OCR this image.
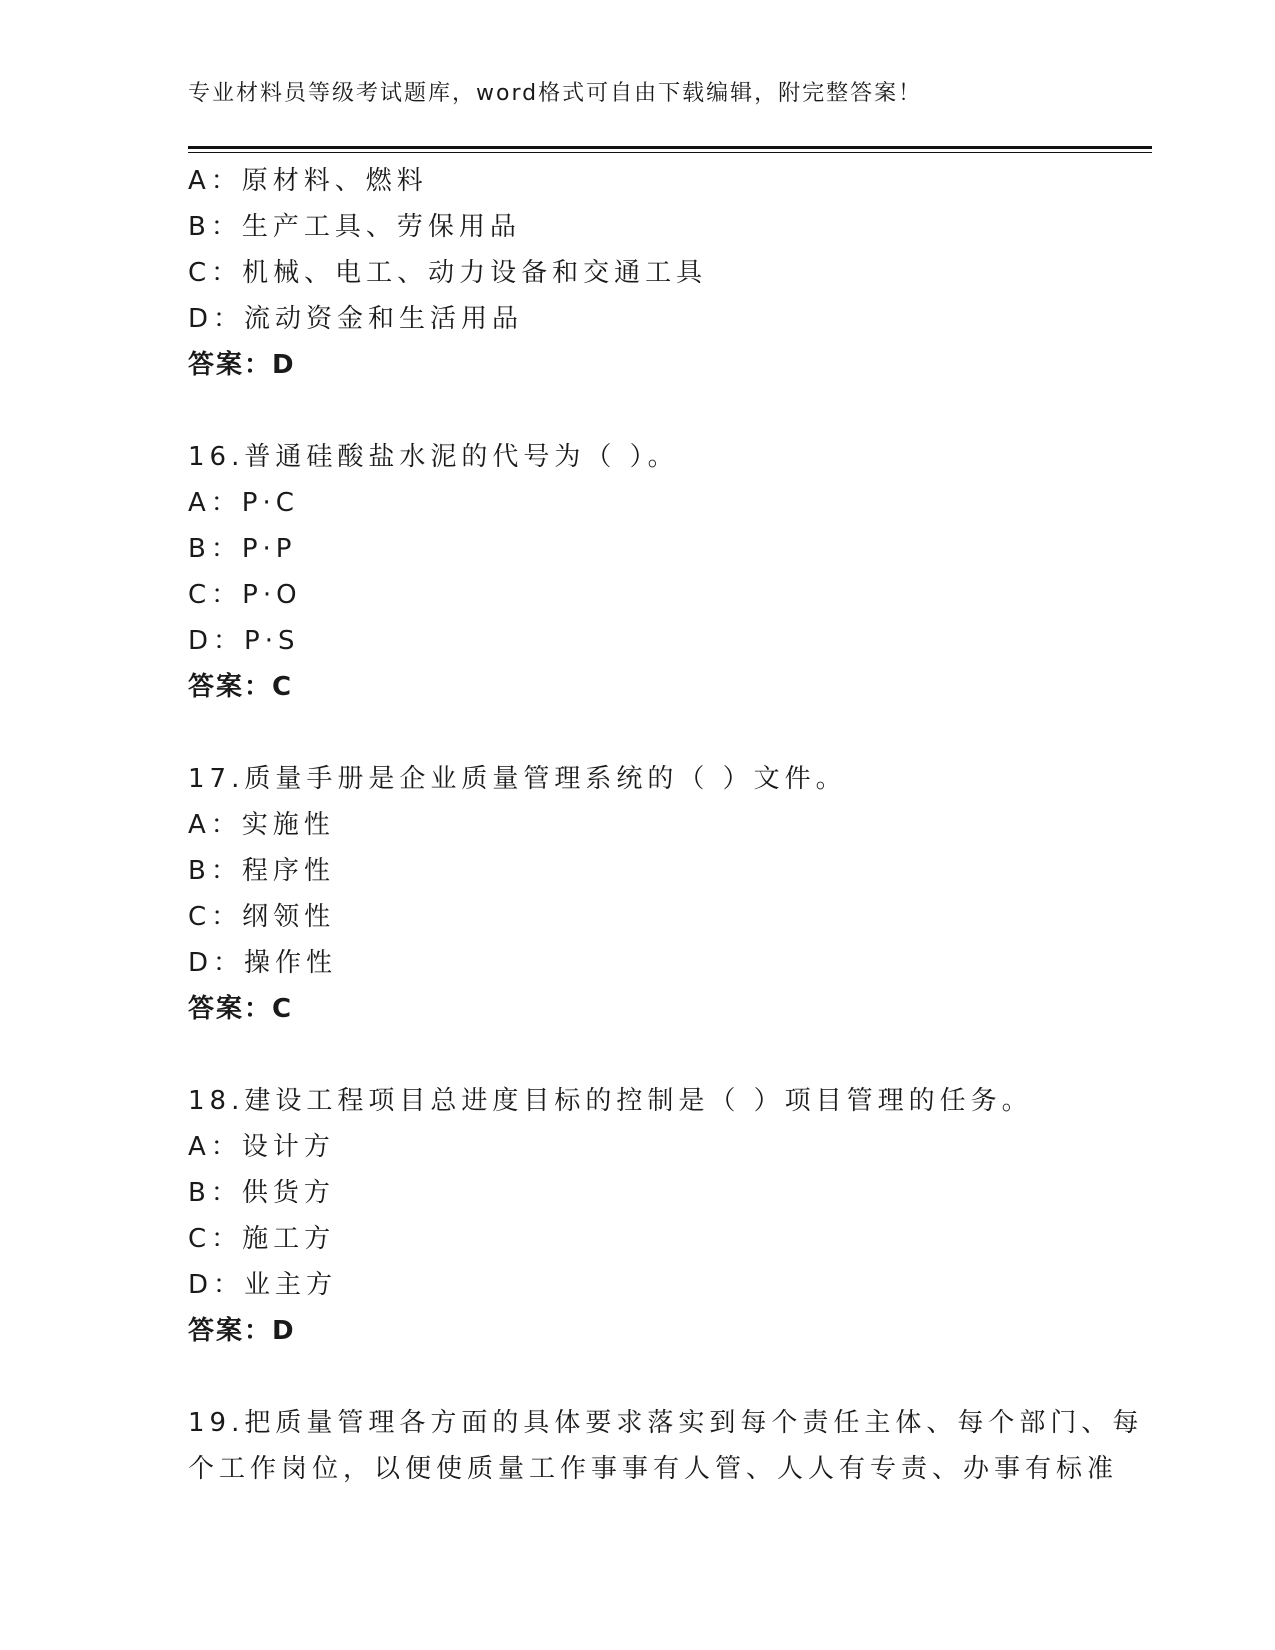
专业材料员等级考试题库，word格式可自由下载编辑，附完整答案！
A：原材料、燃料
B：生产工具、劳保用品
C：机械、电工、动力设备和交通工具
D：流动资金和生活用品
答案：D
16.普通硅酸盐水泥的代号为（ ）。
A：P·C
B：P·P
C：P·O
D：P·S
答案：C
17.质量手册是企业质量管理系统的（ ）文件。
A：实施性
B：程序性
C：纲领性
D：操作性
答案：C
18.建设工程项目总进度目标的控制是（ ）项目管理的任务。
A：设计方
B：供货方
C：施工方
D：业主方
答案：D
19.把质量管理各方面的具体要求落实到每个责任主体、每个部门、每
个工作岗位，以便使质量工作事事有人管、人人有专责、办事有标准
